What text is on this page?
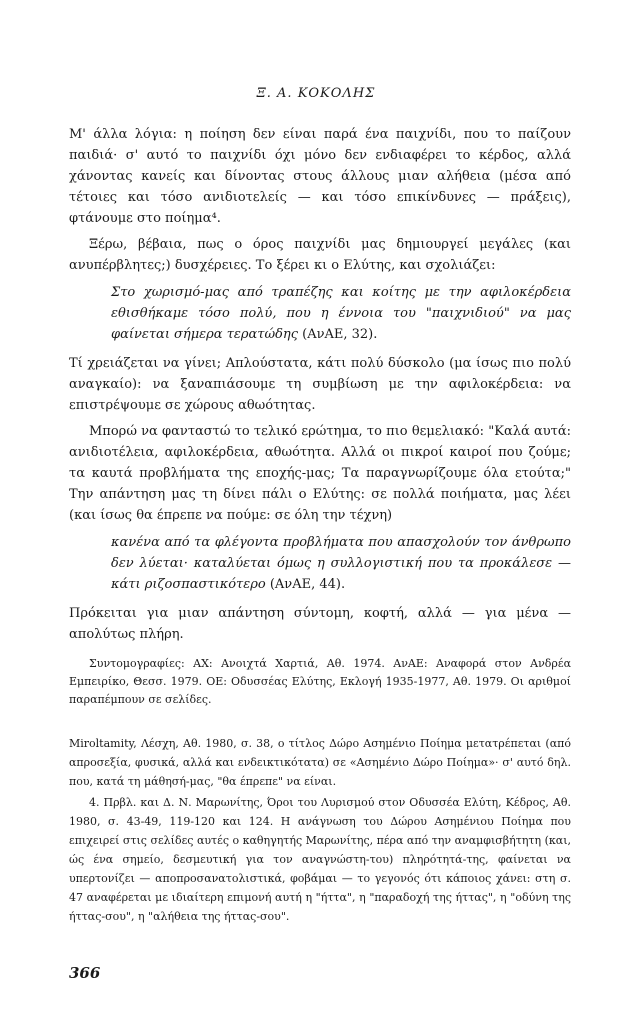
Ξ. Α. ΚΟΚΟΛΗΣ

Μ' άλλα λόγια: η ποίηση δεν είναι παρά ένα παιχνίδι, που το παίζουν παιδιά· σ' αυτό το παιχνίδι όχι μόνο δεν ενδιαφέρει το κέρδος, αλλά χάνοντας κανείς και δίνοντας στους άλλους μιαν αλήθεια (μέσα από τέτοιες και τόσο ανιδιοτελείς — και τόσο επικίνδυνες — πράξεις), φτάνουμε στο ποίημα⁴.

Ξέρω, βέβαια, πως ο όρος παιχνίδι μας δημιουργεί μεγάλες (και ανυπέρβλητες;) δυσχέρειες. Το ξέρει κι ο Ελύτης, και σχολιάζει:

Στο χωρισμό-μας από τραπέζης και κοίτης με την αφιλοκέρδεια εθισθήκαμε τόσο πολύ, που η έννοια του "παιχνιδιού" να μας φαίνεται σήμερα τερατώδης (ΑνΑΕ, 32).

Τί χρειάζεται να γίνει; Απλούστατα, κάτι πολύ δύσκολο (μα ίσως πιο πολύ αναγκαίο): να ξαναπιάσουμε τη συμβίωση με την αφιλοκέρδεια: να επιστρέψουμε σε χώρους αθωότητας.

Μπορώ να φανταστώ το τελικό ερώτημα, το πιο θεμελιακό: "Καλά αυτά: ανιδιοτέλεια, αφιλοκέρδεια, αθωότητα. Αλλά οι πικροί καιροί που ζούμε; τα καυτά προβλήματα της εποχής-μας; Τα παραγνωρίζουμε όλα ετούτα;" Την απάντηση μας τη δίνει πάλι ο Ελύτης: σε πολλά ποιήματα, μας λέει (και ίσως θα έπρεπε να πούμε: σε όλη την τέχνη)

κανένα από τα φλέγοντα προβλήματα που απασχολούν τον άνθρωπο δεν λύεται· καταλύεται όμως η συλλογιστική που τα προκάλεσε — κάτι ριζοσπαστικότερο (ΑνΑΕ, 44).

Πρόκειται για μιαν απάντηση σύντομη, κοφτή, αλλά — για μένα — απολύτως πλήρη.

Συντομογραφίες: ΑΧ: Ανοιχτά Χαρτιά, Αθ. 1974. ΑνΑΕ: Αναφορά στον Ανδρέα Εμπειρίκο, Θεσσ. 1979. ΟΕ: Οδυσσέας Ελύτης, Εκλογή 1935-1977, Αθ. 1979. Οι αριθμοί παραπέμπουν σε σελίδες.

Miroltamity, Λέσχη, Αθ. 1980, σ. 38, ο τίτλος Δώρο Ασημένιο Ποίημα μετατρέπεται (από απροσεξία, φυσικά, αλλά και ενδεικτικότατα) σε «Ασημένιο Δώρο Ποίημα»· σ' αυτό δηλ. που, κατά τη μάθησή-μας, "θα έπρεπε" να είναι.

4. Πρβλ. και Δ. Ν. Μαρωνίτης, Όροι του Λυρισμού στον Οδυσσέα Ελύτη, Κέδρος, Αθ. 1980, σ. 43-49, 119-120 και 124. Η ανάγνωση του Δώρου Ασημένιου Ποίημα που επιχειρεί στις σελίδες αυτές ο καθηγητής Μαρωνίτης, πέρα από την αναμφισβήτητη (και, ώς ένα σημείο, δεσμευτική για τον αναγνώστη-του) πληρότητά-της, φαίνεται να υπερτονίζει — αποπροσανατολιστικά, φοβάμαι — το γεγονός ότι κάποιος χάνει: στη σ. 47 αναφέρεται με ιδιαίτερη επιμονή αυτή η "ήττα", η "παραδοχή της ήττας", η "οδύνη της ήττας-σου", η "αλήθεια της ήττας-σου".

366
